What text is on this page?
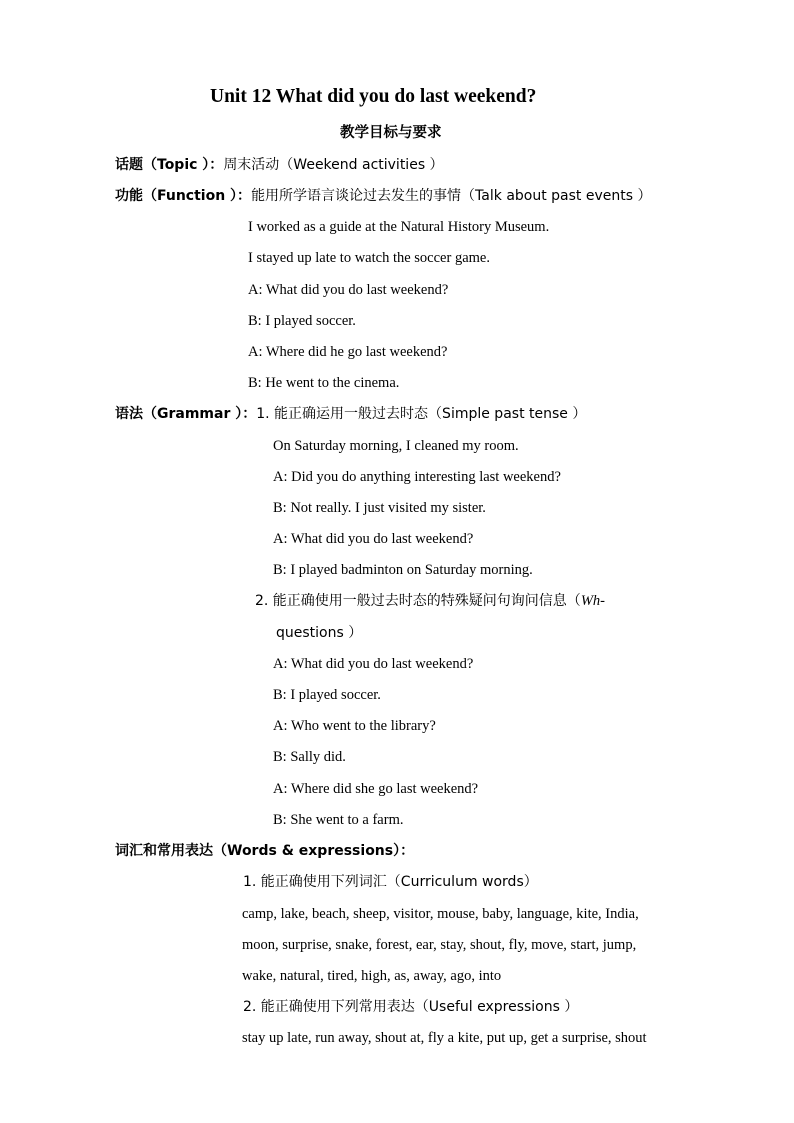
Unit 12 What did you do last weekend?
教学目标与要求
话题（Topic ）：周末活动（Weekend activities ）
功能（Function ）：能用所学语言谈论过去发生的事情（Talk about past events ）
I worked as a guide at the Natural History Museum.
I stayed up late to watch the soccer game.
A: What did you do last weekend?
B: I played soccer.
A: Where did he go last weekend?
B: He went to the cinema.
语法（Grammar ）：1. 能正确运用一般过去时态（Simple past tense ）
On Saturday morning, I cleaned my room.
A: Did you do anything interesting last weekend?
B: Not really. I just visited my sister.
A: What did you do last weekend?
B: I played badminton on Saturday morning.
2. 能正确使用一般过去时态的特殊疑问句询问信息（Wh-
questions ）
A: What did you do last weekend?
B: I played soccer.
A: Who went to the library?
B: Sally did.
A: Where did she go last weekend?
B: She went to a farm.
词汇和常用表达（Words & expressions）：
1. 能正确使用下列词汇（Curriculum words）
camp, lake, beach, sheep, visitor, mouse, baby, language, kite, India,
moon, surprise, snake, forest, ear, stay, shout, fly, move, start, jump,
wake, natural, tired, high, as, away, ago, into
2. 能正确使用下列常用表达（Useful expressions ）
stay up late, run away, shout at, fly a kite, put up, get a surprise, shout
